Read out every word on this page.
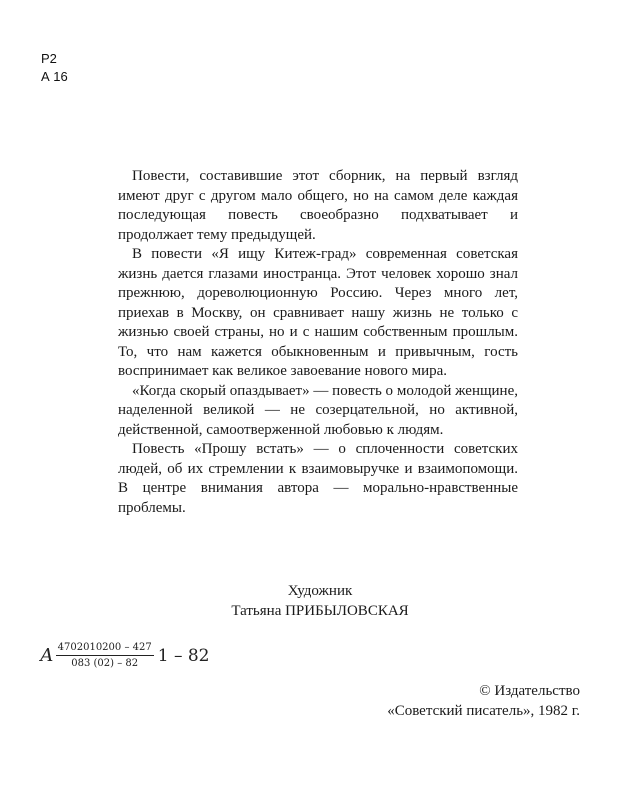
Р2
А 16

Повести, составившие этот сборник, на первый взгляд имеют друг с другом мало общего, но на самом деле каждая последующая повесть своеобразно подхватывает и продолжает тему предыдущей.

В повести «Я ищу Китеж-град» современная советская жизнь дается глазами иностранца. Этот человек хорошо знал прежнюю, дореволюционную Россию. Через много лет, приехав в Москву, он сравнивает нашу жизнь не только с жизнью своей страны, но и с нашим собственным прошлым. То, что нам кажется обыкновенным и привычным, гость воспринимает как великое завоевание нового мира.

«Когда скорый опаздывает» — повесть о молодой женщине, наделенной великой — не созерцательной, но активной, действенной, самоотверженной любовью к людям.

Повесть «Прошу встать» — о сплоченности советских людей, об их стремлении к взаимовыручке и взаимопомощи. В центре внимания автора — морально-нравственные проблемы.

Художник
Татьяна ПРИБЫЛОВСКАЯ
А $\frac{4702010200 - 427}{083 (02) - 82} 1 - 82$
© Издательство
«Советский писатель», 1982 г.
